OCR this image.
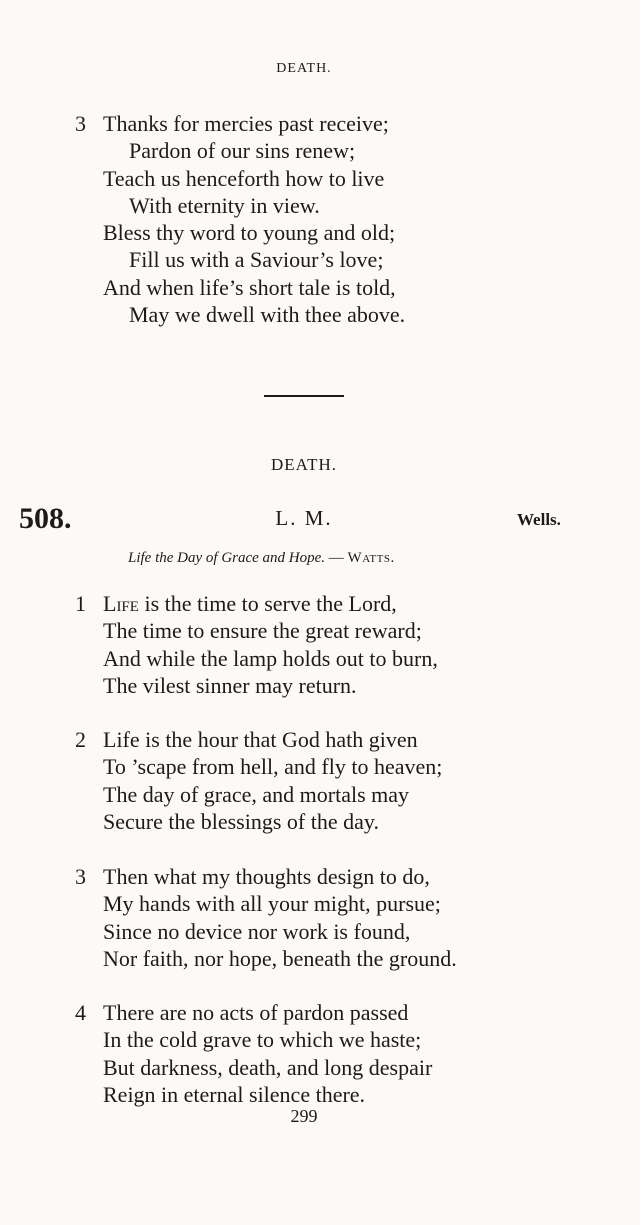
DEATH.
3 Thanks for mercies past receive;
Pardon of our sins renew;
Teach us henceforth how to live
With eternity in view.
Bless thy word to young and old;
Fill us with a Saviour’s love;
And when life’s short tale is told,
May we dwell with thee above.
DEATH.
508.	L. M.	Wells.
Life the Day of Grace and Hope. — Watts.
1 Life is the time to serve the Lord,
The time to ensure the great reward;
And while the lamp holds out to burn,
The vilest sinner may return.
2 Life is the hour that God hath given
To ’scape from hell, and fly to heaven;
The day of grace, and mortals may
Secure the blessings of the day.
3 Then what my thoughts design to do,
My hands with all your might, pursue;
Since no device nor work is found,
Nor faith, nor hope, beneath the ground.
4 There are no acts of pardon passed
In the cold grave to which we haste;
But darkness, death, and long despair
Reign in eternal silence there.
299
